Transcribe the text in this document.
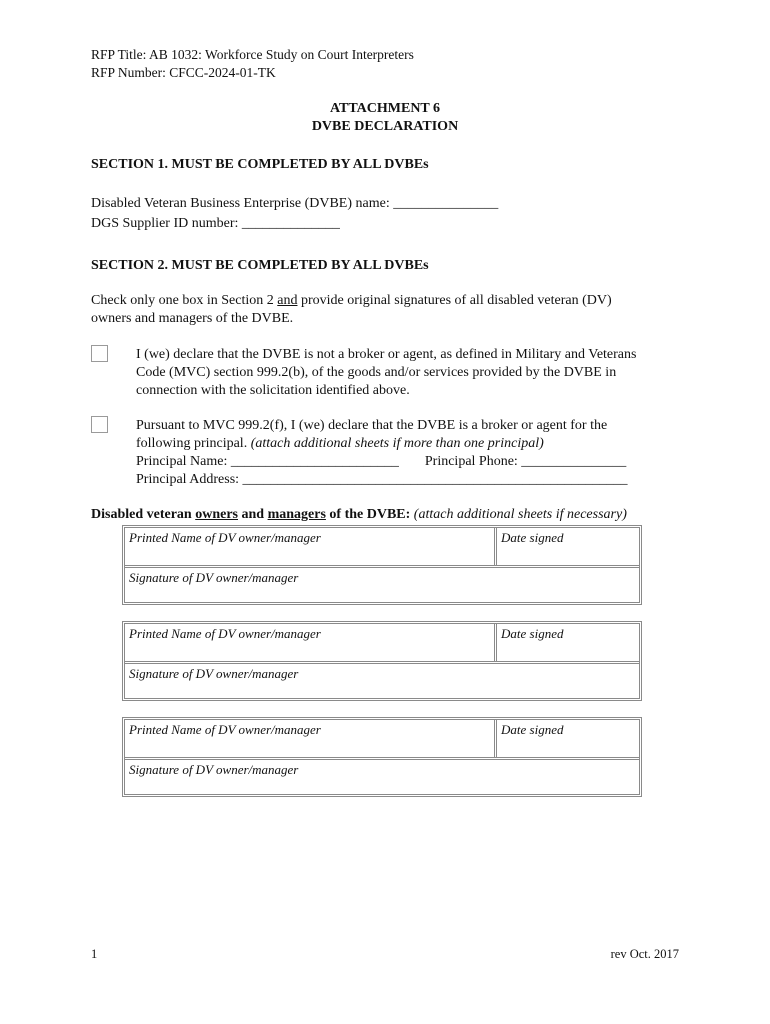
RFP Title: AB 1032: Workforce Study on Court Interpreters
RFP Number: CFCC-2024-01-TK
ATTACHMENT 6
DVBE DECLARATION
SECTION 1. MUST BE COMPLETED BY ALL DVBEs
Disabled Veteran Business Enterprise (DVBE) name: _______________
DGS Supplier ID number: ______________
SECTION 2. MUST BE COMPLETED BY ALL DVBEs
Check only one box in Section 2 and provide original signatures of all disabled veteran (DV)
owners and managers of the DVBE.
I (we) declare that the DVBE is not a broker or agent, as defined in Military and Veterans
Code (MVC) section 999.2(b), of the goods and/or services provided by the DVBE in
connection with the solicitation identified above.
Pursuant to MVC 999.2(f), I (we) declare that the DVBE is a broker or agent for the
following principal. (attach additional sheets if more than one principal)
Principal Name: ________________________ Principal Phone: _______________
Principal Address: _______________________________________________________
Disabled veteran owners and managers of the DVBE: (attach additional sheets if necessary)
Printed Name of DV owner/manager	Date signed
Signature of DV owner/manager
Printed Name of DV owner/manager	Date signed
Signature of DV owner/manager
Printed Name of DV owner/manager	Date signed
Signature of DV owner/manager
1	rev Oct. 2017
